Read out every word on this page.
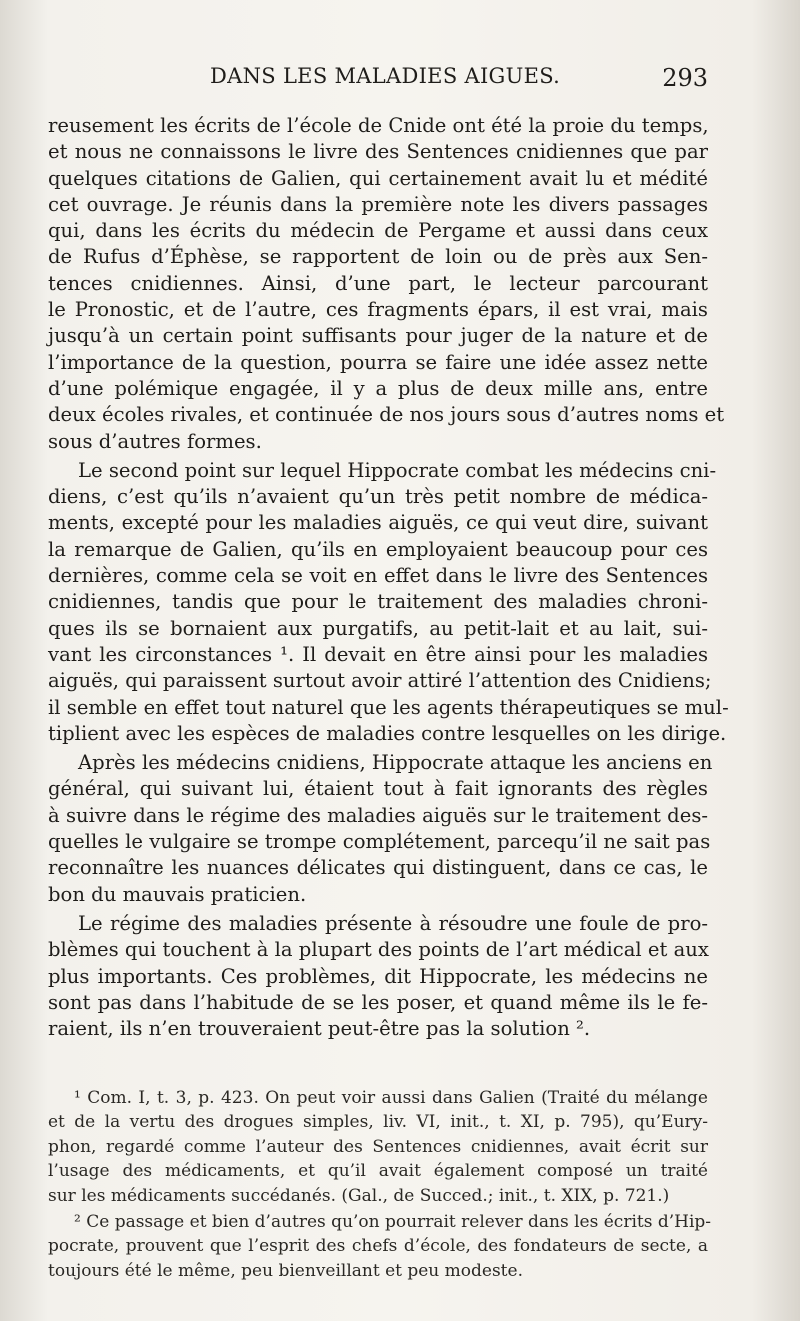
DANS LES MALADIES AIGUES.	293
reusement les écrits de l’école de Cnide ont été la proie du temps,
et nous ne connaissons le livre des Sentences cnidiennes que par
quelques citations de Galien, qui certainement avait lu et médité
cet ouvrage. Je réunis dans la première note les divers passages
qui, dans les écrits du médecin de Pergame et aussi dans ceux
de Rufus d’Éphèse, se rapportent de loin ou de près aux Sen-
tences cnidiennes. Ainsi, d’une part, le lecteur parcourant
le Pronostic, et de l’autre, ces fragments épars, il est vrai, mais
jusqu’à un certain point suffisants pour juger de la nature et de
l’importance de la question, pourra se faire une idée assez nette
d’une polémique engagée, il y a plus de deux mille ans, entre
deux écoles rivales, et continuée de nos jours sous d’autres noms et
sous d’autres formes.
Le second point sur lequel Hippocrate combat les médecins cni-
diens, c’est qu’ils n’avaient qu’un très petit nombre de médica-
ments, excepté pour les maladies aiguës, ce qui veut dire, suivant
la remarque de Galien, qu’ils en employaient beaucoup pour ces
dernières, comme cela se voit en effet dans le livre des Sentences
cnidiennes, tandis que pour le traitement des maladies chroni-
ques ils se bornaient aux purgatifs, au petit-lait et au lait, sui-
vant les circonstances ¹. Il devait en être ainsi pour les maladies
aiguës, qui paraissent surtout avoir attiré l’attention des Cnidiens;
il semble en effet tout naturel que les agents thérapeutiques se mul-
tiplient avec les espèces de maladies contre lesquelles on les dirige.
Après les médecins cnidiens, Hippocrate attaque les anciens en
général, qui suivant lui, étaient tout à fait ignorants des règles
à suivre dans le régime des maladies aiguës sur le traitement des-
quelles le vulgaire se trompe complétement, parcequ’il ne sait pas
reconnaître les nuances délicates qui distinguent, dans ce cas, le
bon du mauvais praticien.
Le régime des maladies présente à résoudre une foule de pro-
blèmes qui touchent à la plupart des points de l’art médical et aux
plus importants. Ces problèmes, dit Hippocrate, les médecins ne
sont pas dans l’habitude de se les poser, et quand même ils le fe-
raient, ils n’en trouveraient peut-être pas la solution ².
¹ Com. I, t. 3, p. 423. On peut voir aussi dans Galien (Traité du mélange
et de la vertu des drogues simples, liv. VI, init., t. XI, p. 795), qu’Eury-
phon, regardé comme l’auteur des Sentences cnidiennes, avait écrit sur
l’usage des médicaments, et qu’il avait également composé un traité
sur les médicaments succédanés. (Gal., de Succed.; init., t. XIX, p. 721.)
² Ce passage et bien d’autres qu’on pourrait relever dans les écrits d’Hip-
pocrate, prouvent que l’esprit des chefs d’école, des fondateurs de secte, a
toujours été le même, peu bienveillant et peu modeste.
